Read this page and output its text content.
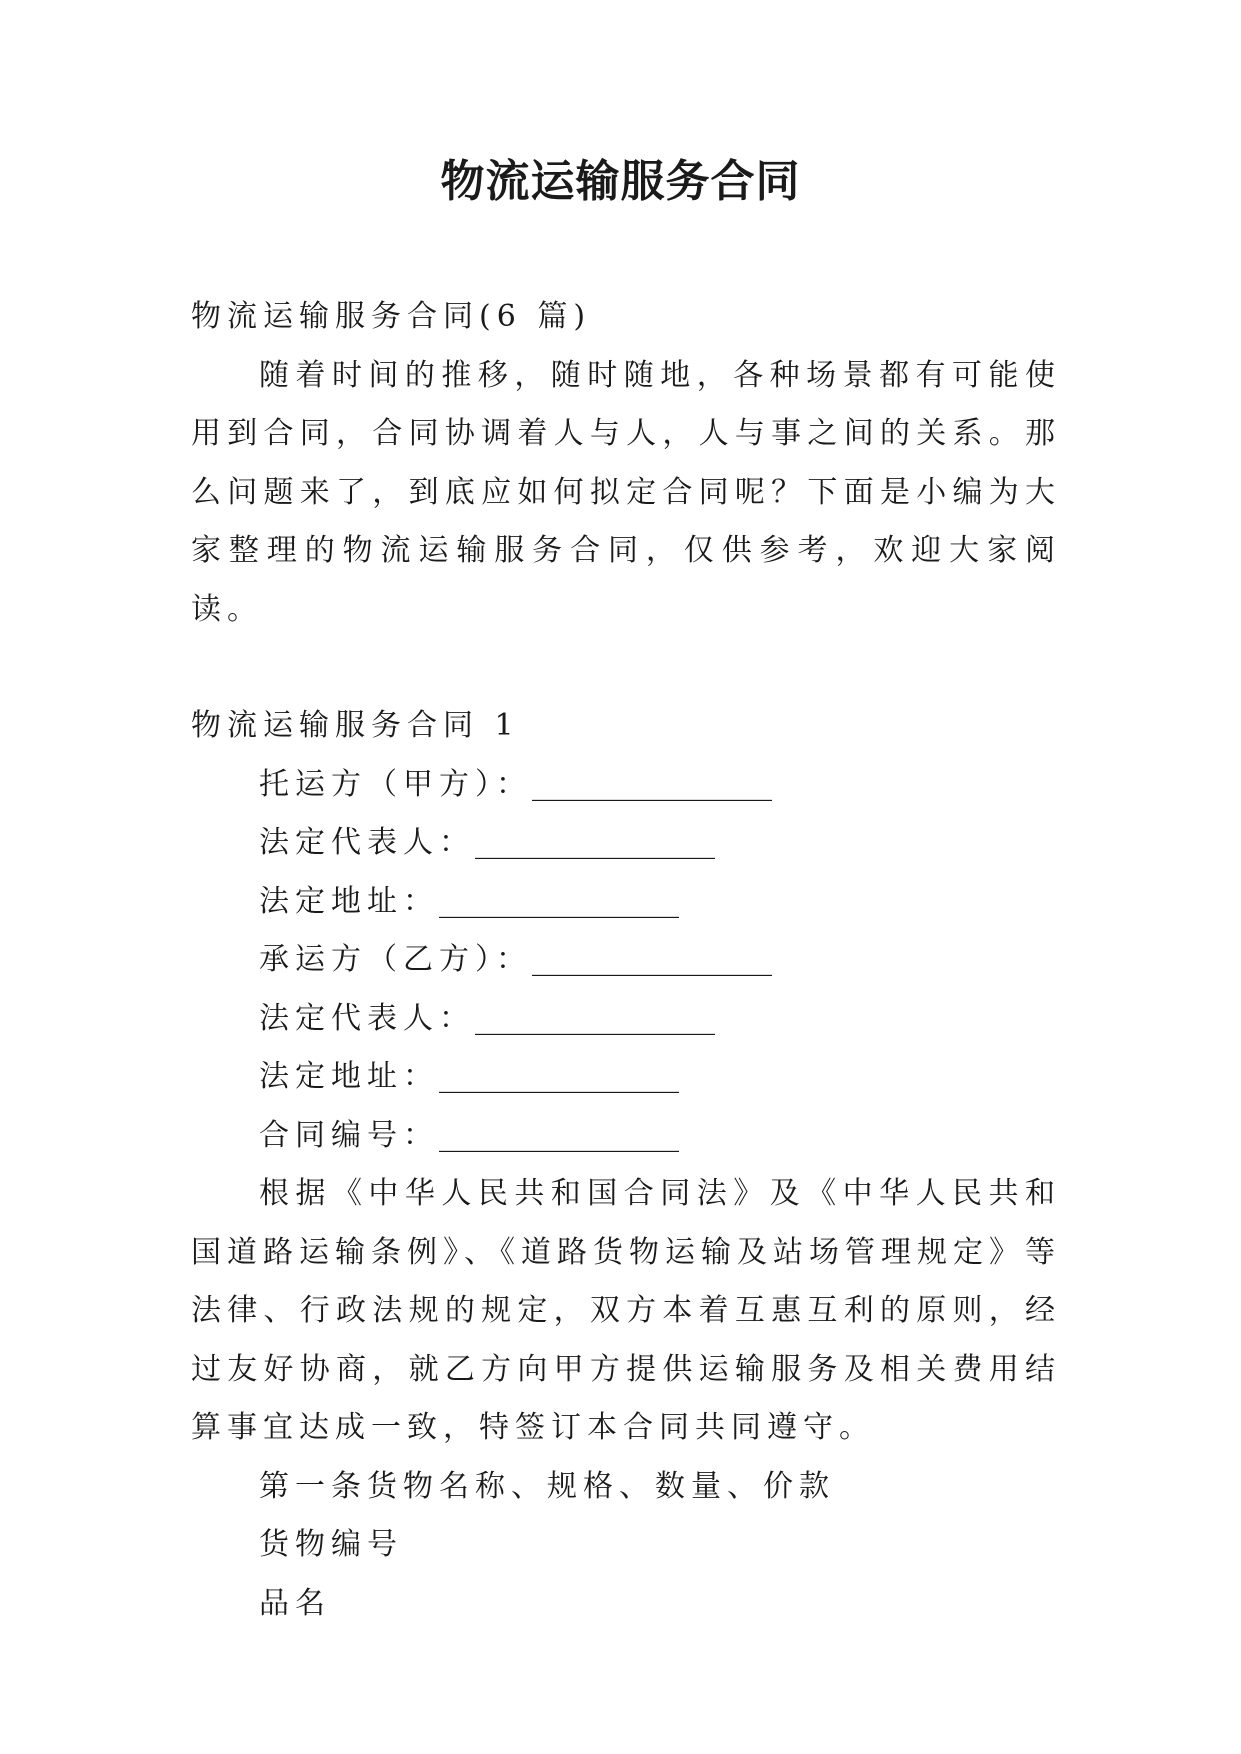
物流运输服务合同

物流运输服务合同(6 篇)

随着时间的推移，随时随地，各种场景都有可能使用到合同，合同协调着人与人，人与事之间的关系。那么问题来了，到底应如何拟定合同呢？下面是小编为大家整理的物流运输服务合同，仅供参考，欢迎大家阅读。

物流运输服务合同 1

托运方（甲方）：________________

法定代表人：________________

法定地址：________________

承运方（乙方）：________________

法定代表人：________________

法定地址：________________

合同编号：________________

根据《中华人民共和国合同法》及《中华人民共和国道路运输条例》、《道路货物运输及站场管理规定》等法律、行政法规的规定，双方本着互惠互利的原则，经过友好协商，就乙方向甲方提供运输服务及相关费用结算事宜达成一致，特签订本合同共同遵守。

第一条货物名称、规格、数量、价款

货物编号

品名
